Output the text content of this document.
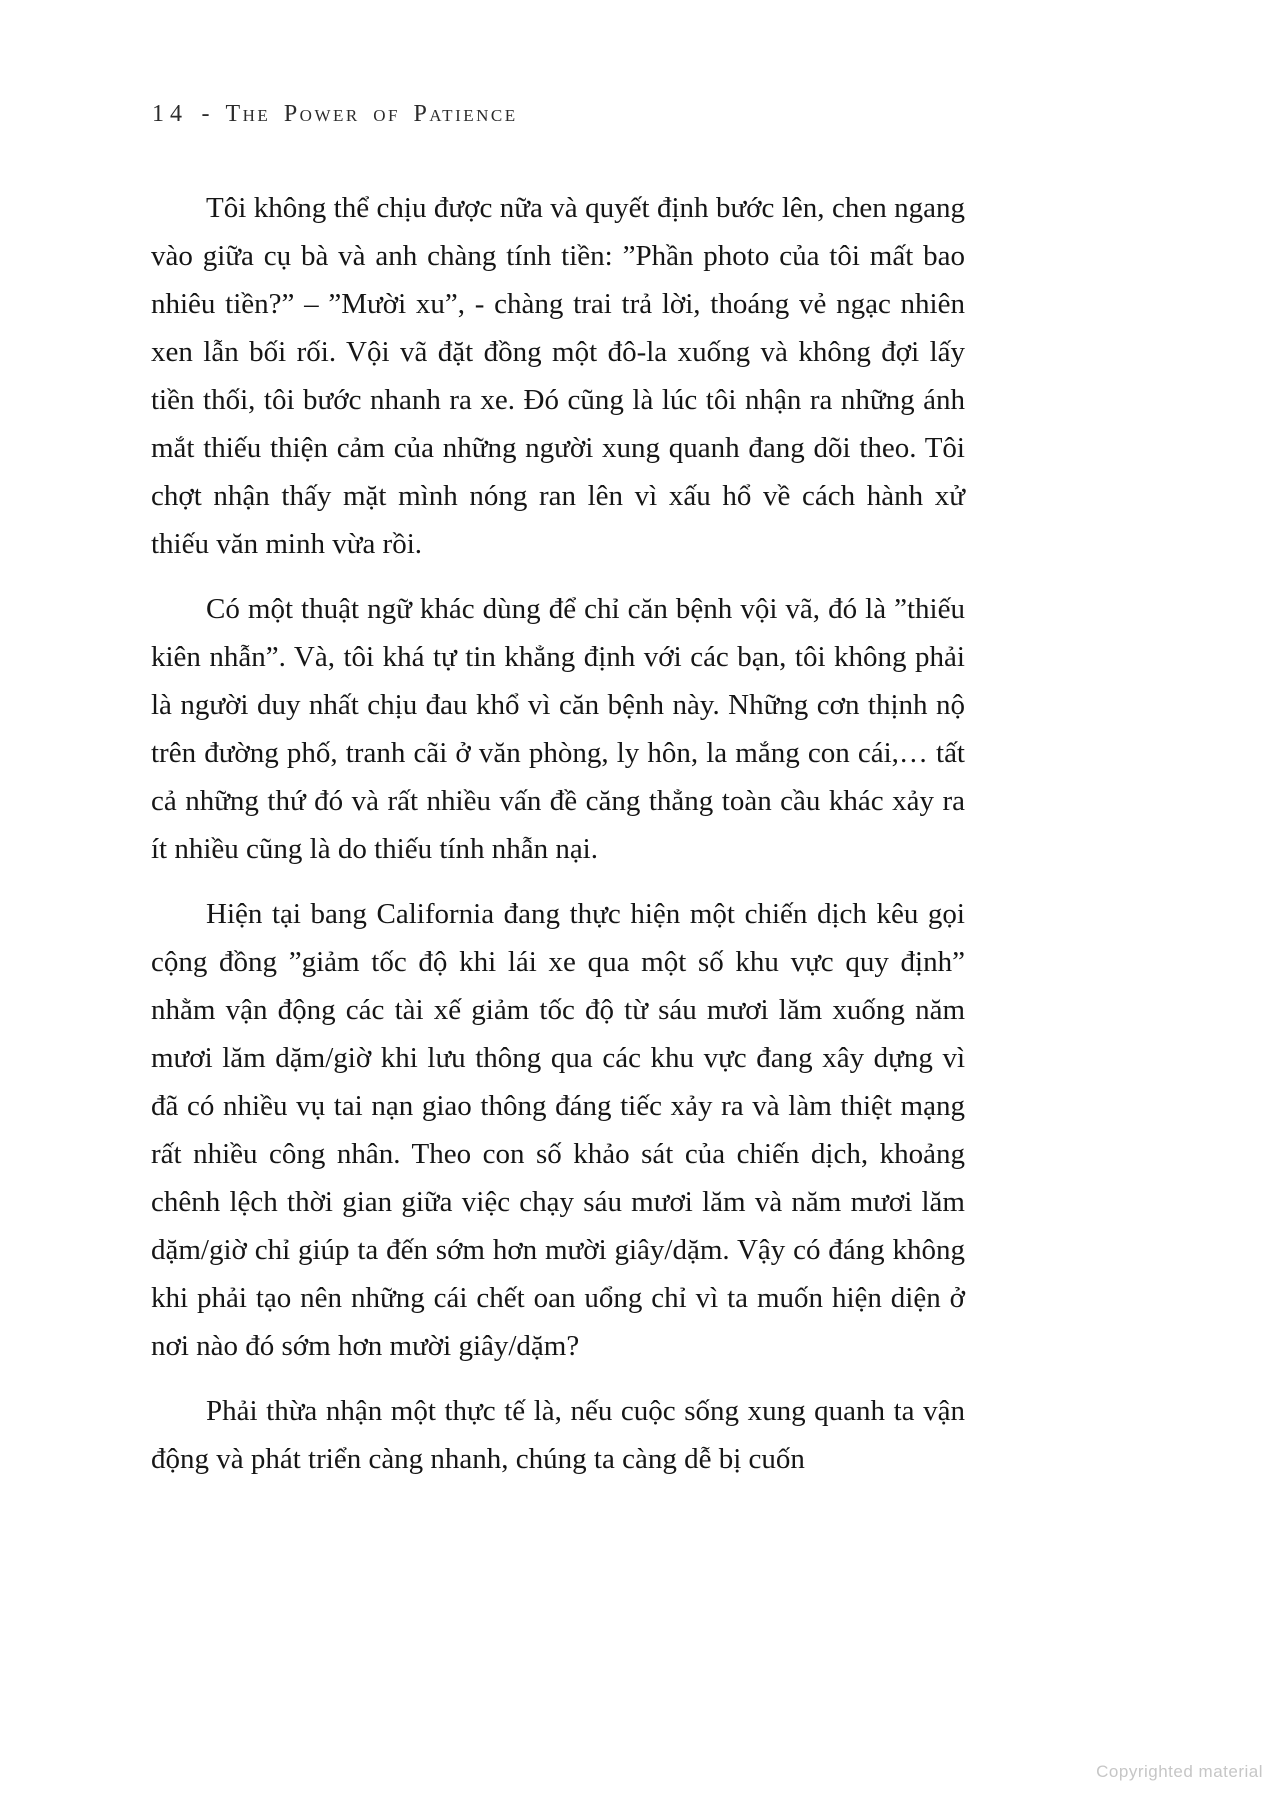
14 - The Power of Patience

Tôi không thể chịu được nữa và quyết định bước lên, chen ngang vào giữa cụ bà và anh chàng tính tiền: ”Phần photo của tôi mất bao nhiêu tiền?” – ”Mười xu”, - chàng trai trả lời, thoáng vẻ ngạc nhiên xen lẫn bối rối. Vội vã đặt đồng một đô-la xuống và không đợi lấy tiền thối, tôi bước nhanh ra xe. Đó cũng là lúc tôi nhận ra những ánh mắt thiếu thiện cảm của những người xung quanh đang dõi theo. Tôi chợt nhận thấy mặt mình nóng ran lên vì xấu hổ về cách hành xử thiếu văn minh vừa rồi.

Có một thuật ngữ khác dùng để chỉ căn bệnh vội vã, đó là ”thiếu kiên nhẫn”. Và, tôi khá tự tin khẳng định với các bạn, tôi không phải là người duy nhất chịu đau khổ vì căn bệnh này. Những cơn thịnh nộ trên đường phố, tranh cãi ở văn phòng, ly hôn, la mắng con cái,… tất cả những thứ đó và rất nhiều vấn đề căng thẳng toàn cầu khác xảy ra ít nhiều cũng là do thiếu tính nhẫn nại.

Hiện tại bang California đang thực hiện một chiến dịch kêu gọi cộng đồng ”giảm tốc độ khi lái xe qua một số khu vực quy định” nhằm vận động các tài xế giảm tốc độ từ sáu mươi lăm xuống năm mươi lăm dặm/giờ khi lưu thông qua các khu vực đang xây dựng vì đã có nhiều vụ tai nạn giao thông đáng tiếc xảy ra và làm thiệt mạng rất nhiều công nhân. Theo con số khảo sát của chiến dịch, khoảng chênh lệch thời gian giữa việc chạy sáu mươi lăm và năm mươi lăm dặm/giờ chỉ giúp ta đến sớm hơn mười giây/dặm. Vậy có đáng không khi phải tạo nên những cái chết oan uổng chỉ vì ta muốn hiện diện ở nơi nào đó sớm hơn mười giây/dặm?

Phải thừa nhận một thực tế là, nếu cuộc sống xung quanh ta vận động và phát triển càng nhanh, chúng ta càng dễ bị cuốn

Copyrighted material
